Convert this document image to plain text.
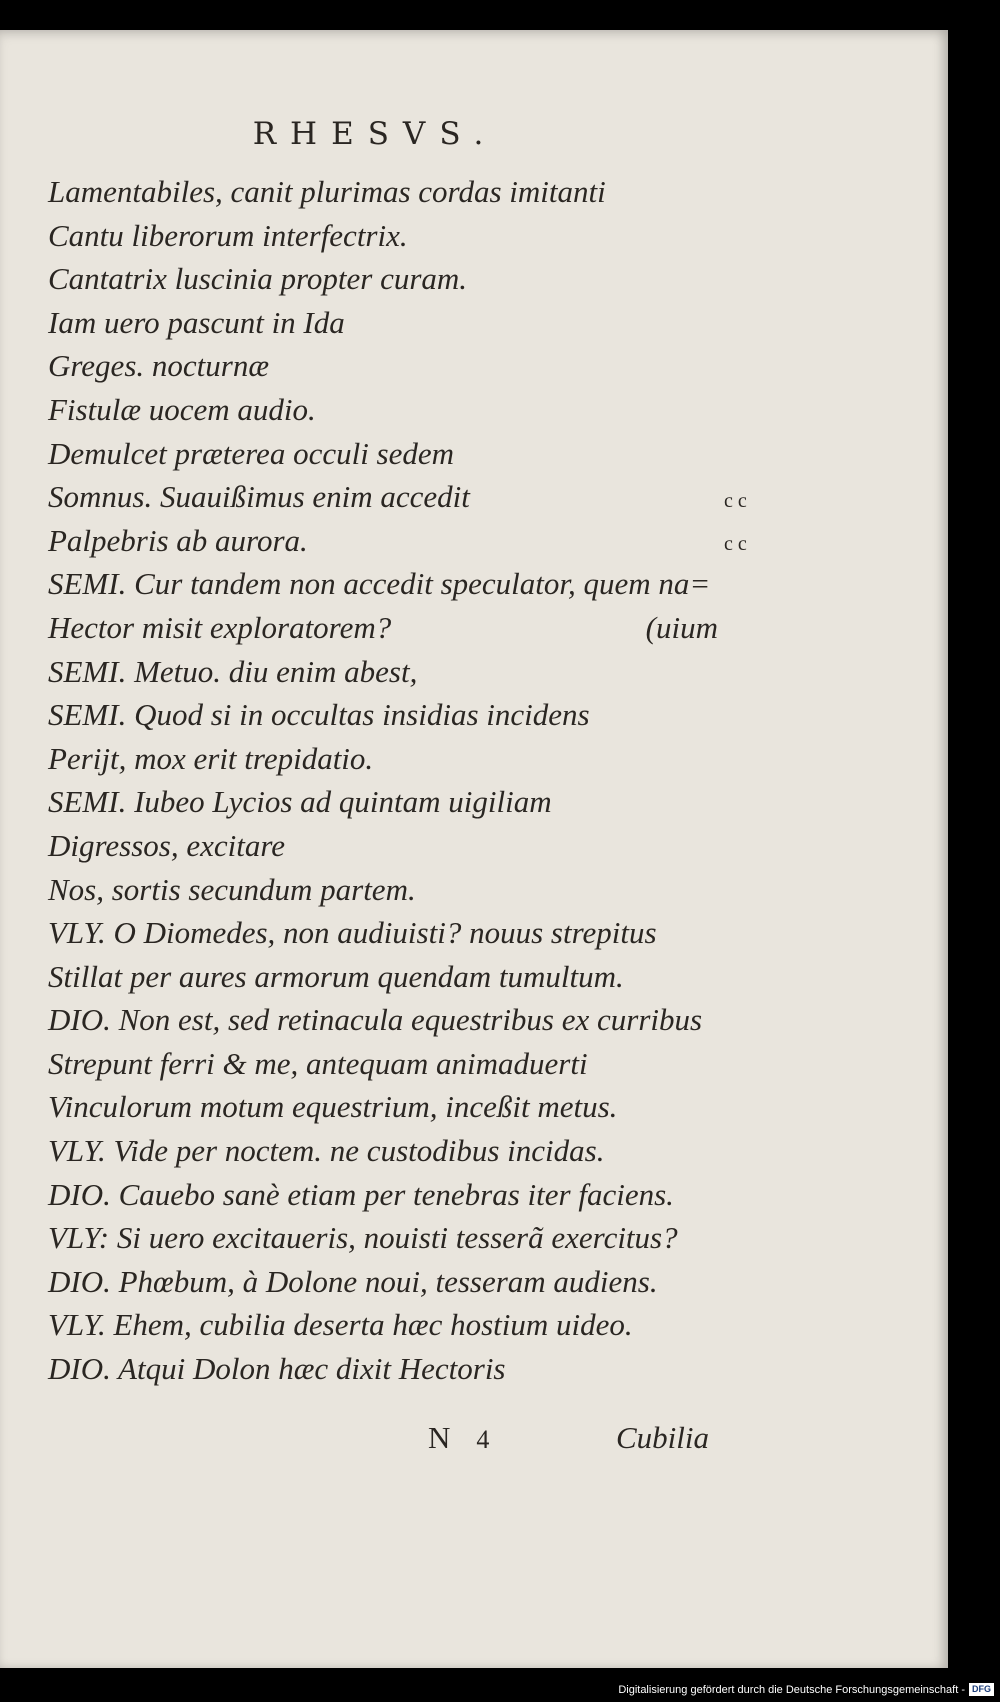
RHESVS.
Lamentabiles, canit plurimas cordas imitanti
Cantu liberorum interfectrix.
Cantatrix luscinia propter curam.
Iam uero pascunt in Ida
Greges. nocturnæ
Fistulæ uocem audio.
Demulcet præterea occuli sedem
Somnus. Suauißimus enim accedit
Palpebris ab aurora.
SEMI. Cur tandem non accedit speculator, quem na=
Hector misit exploratorem?	(uium
SEMI. Metuo. diu enim abest,
SEMI. Quod si in occultas insidias incidens
Perijt, mox erit trepidatio.
SEMI. Iubeo Lycios ad quintam uigiliam
Digressos, excitare
Nos, sortis secundum partem.
VLY. O Diomedes, non audiuisti? nouus strepitus
Stillat per aures armorum quendam tumultum.
DIO. Non est, sed retinacula equestribus ex curribus
Strepunt ferri & me, antequam animaduerti
Vinculorum motum equestrium, inceßit metus.
VLY. Vide per noctem. ne custodibus incidas.
DIO. Cauebo sanè etiam per tenebras iter faciens.
VLY: Si uero excitaueris, nouisti tesserã exercitus?
DIO. Phœbum, à Dolone noui, tesseram audiens.
VLY. Ehem, cubilia deserta hæc hostium uideo.
DIO. Atqui Dolon hæc dixit Hectoris
c c
c c
N 4	Cubilia
Digitalisierung gefördert durch die Deutsche Forschungsgemeinschaft - DFG
